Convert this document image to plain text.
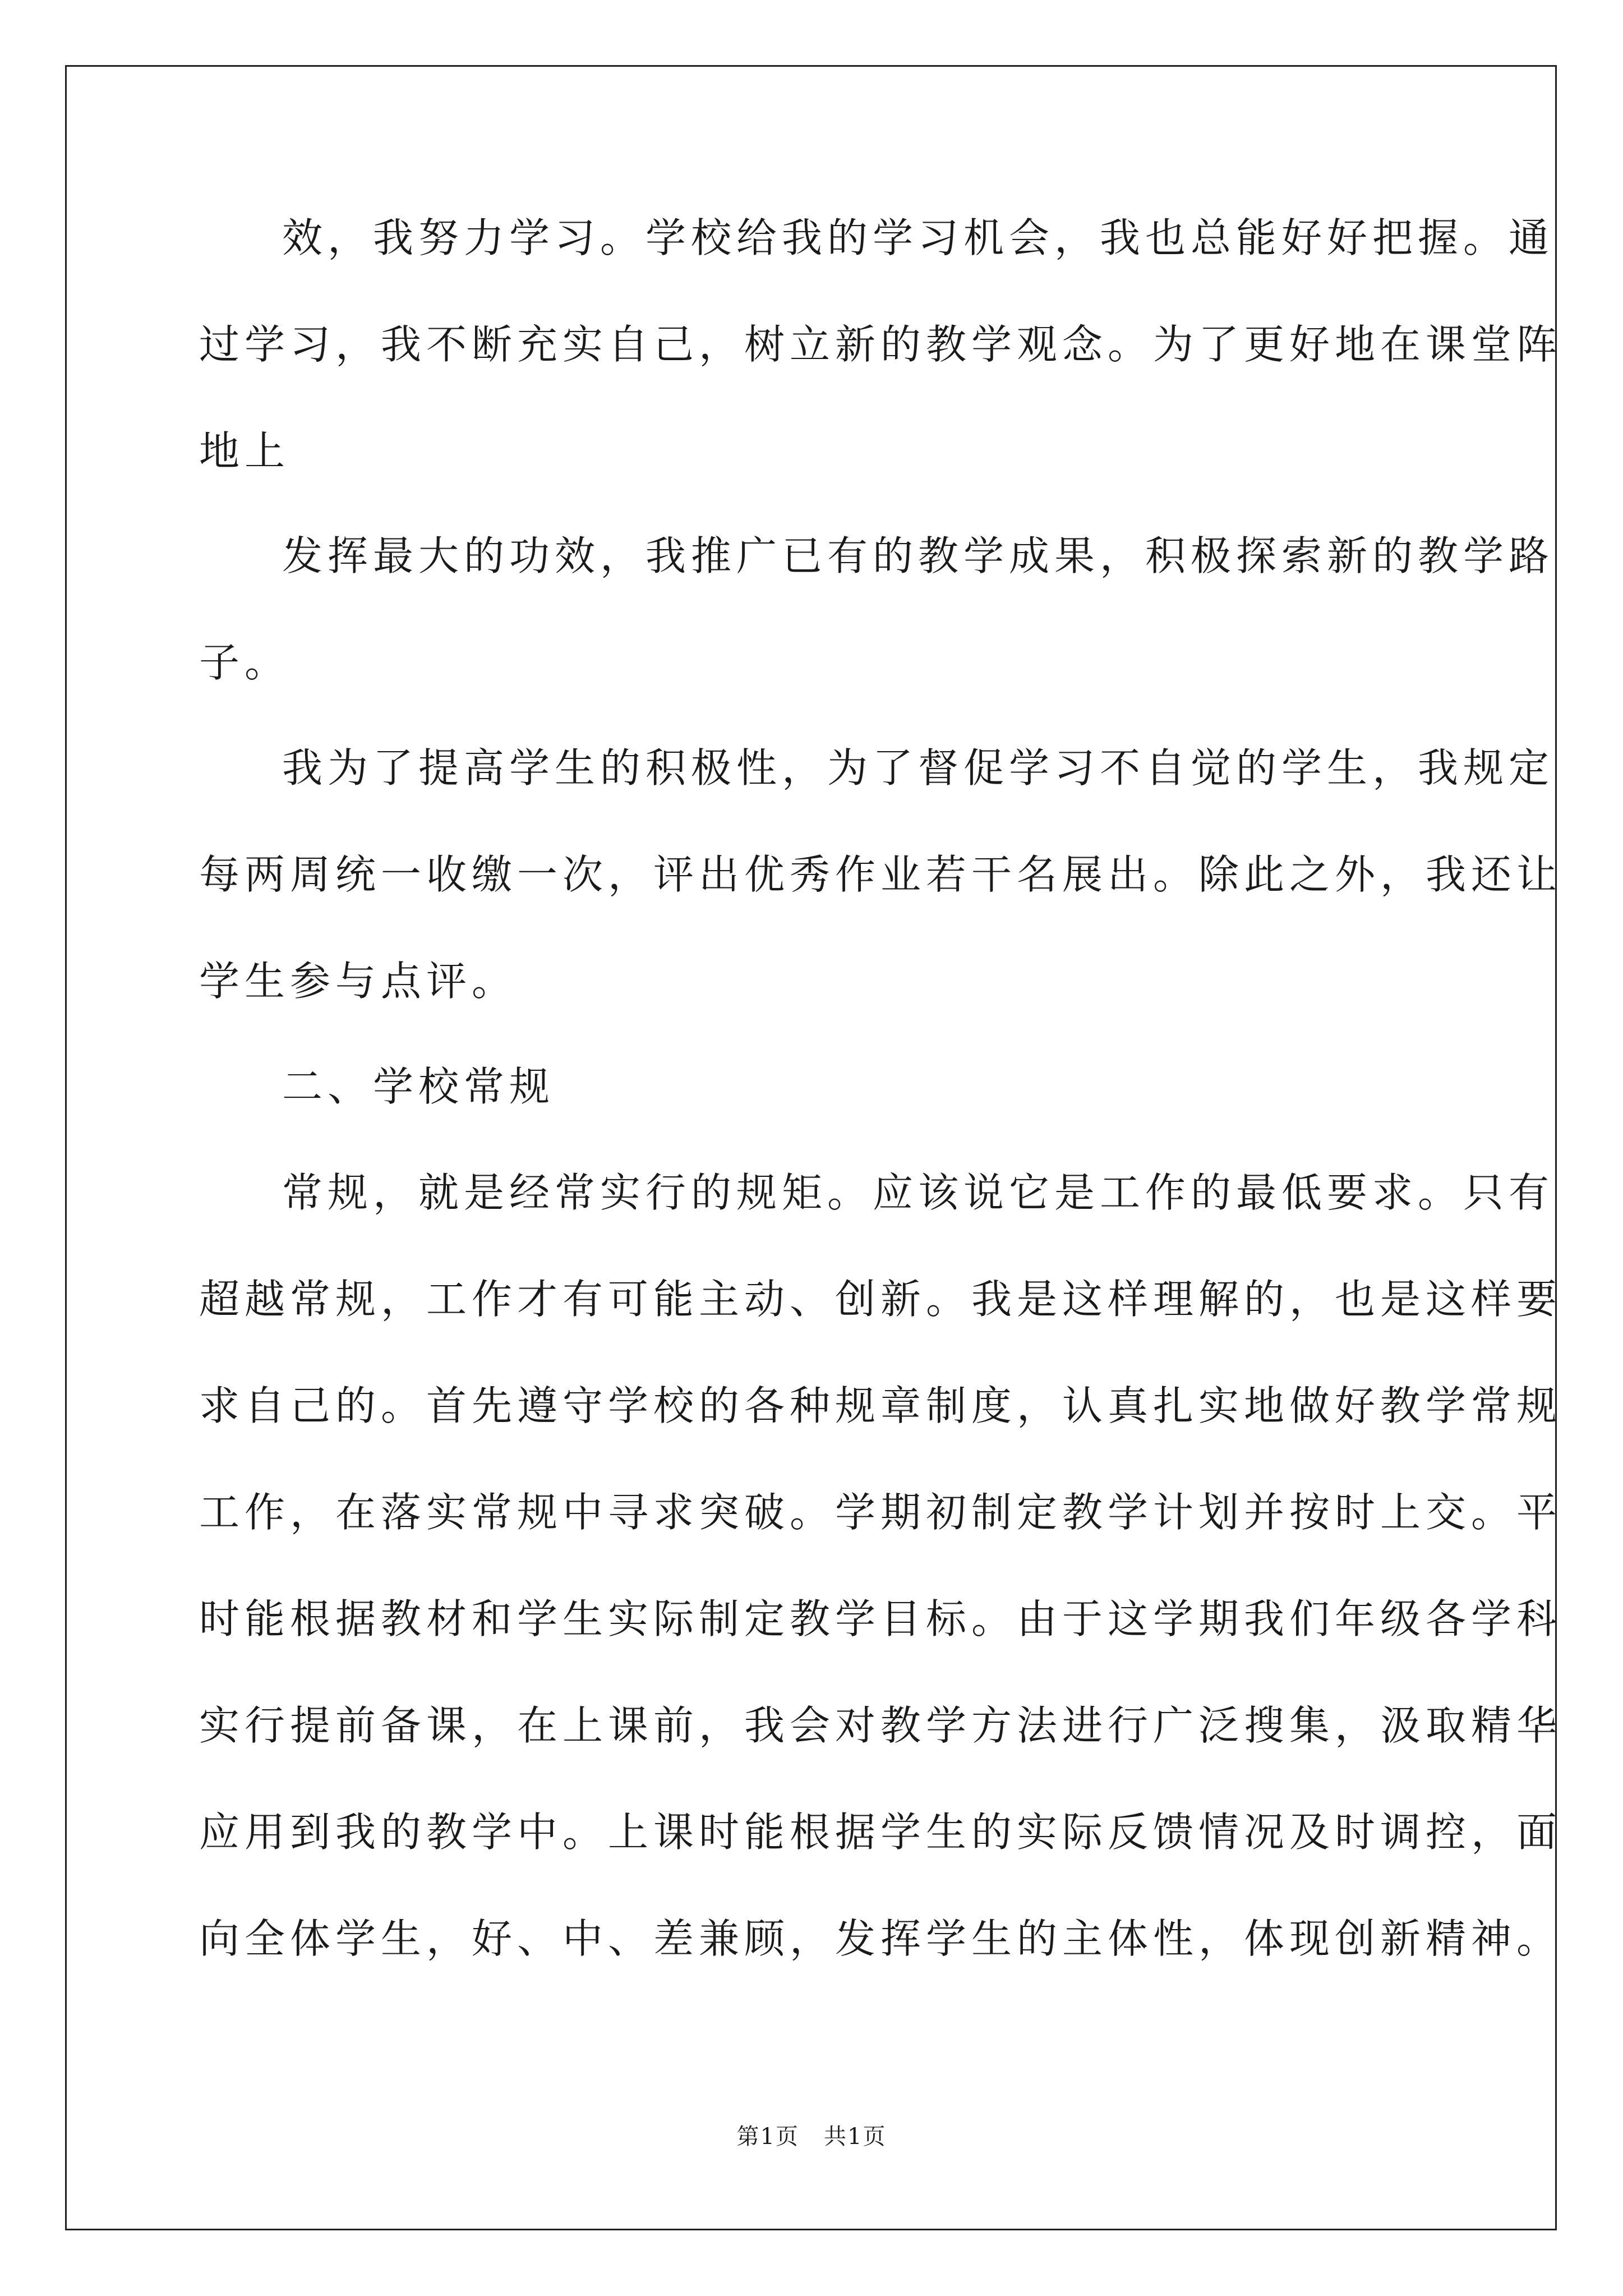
效，我努力学习。学校给我的学习机会，我也总能好好把握。通
过学习，我不断充实自己，树立新的教学观念。为了更好地在课堂阵
地上
发挥最大的功效，我推广已有的教学成果，积极探索新的教学路
子。
我为了提高学生的积极性，为了督促学习不自觉的学生，我规定
每两周统一收缴一次，评出优秀作业若干名展出。除此之外，我还让
学生参与点评。
二、学校常规
常规，就是经常实行的规矩。应该说它是工作的最低要求。只有
超越常规，工作才有可能主动、创新。我是这样理解的，也是这样要
求自己的。首先遵守学校的各种规章制度，认真扎实地做好教学常规
工作，在落实常规中寻求突破。学期初制定教学计划并按时上交。平
时能根据教材和学生实际制定教学目标。由于这学期我们年级各学科
实行提前备课，在上课前，我会对教学方法进行广泛搜集，汲取精华
应用到我的教学中。上课时能根据学生的实际反馈情况及时调控，面
向全体学生，好、中、差兼顾，发挥学生的主体性，体现创新精神。
第1页 共1页
